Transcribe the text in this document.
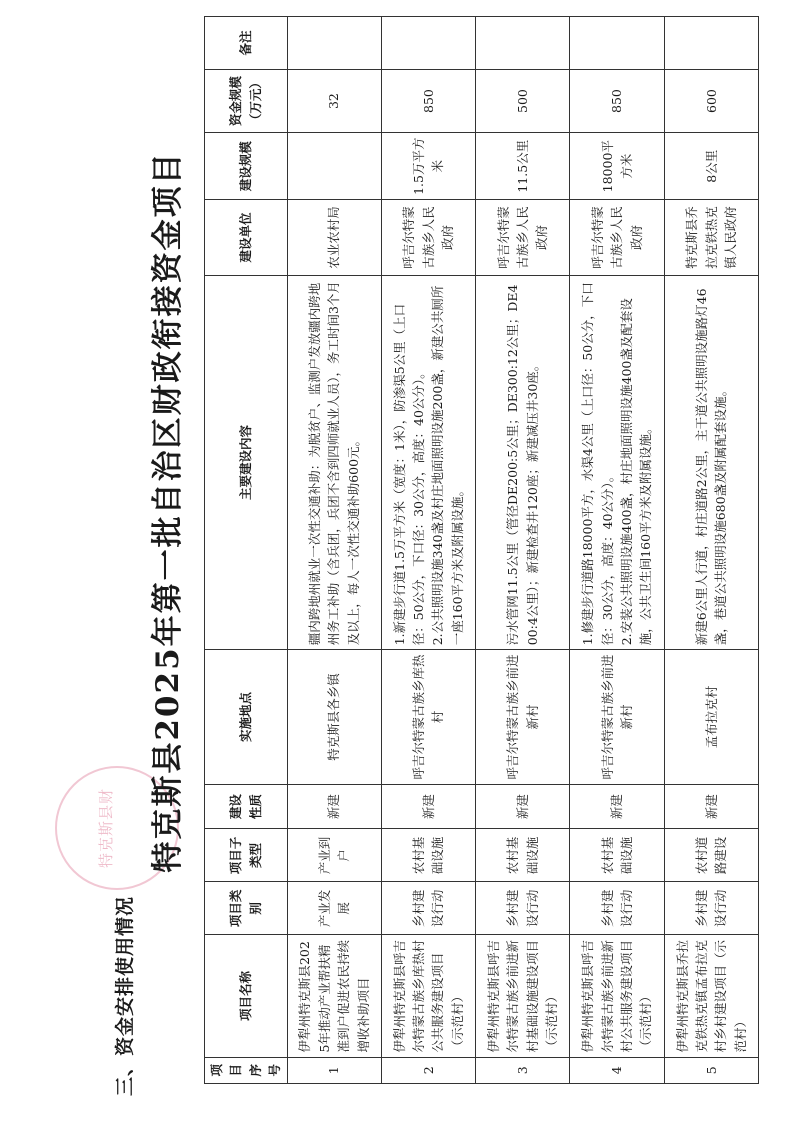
特克斯县财
三、资金安排使用情况
特克斯县2025年第一批自治区财政衔接资金项目
项目序号	项目名称	项目类别	项目子类型	建设性质	实施地点	主要建设内容	建设单位	建设规模	资金规模（万元）	备注
1	伊犁州特克斯县2025年推动产业帮扶精准到户促进农民持续增收补助项目	产业发展	产业到户	新建	特克斯县各乡镇	疆内跨地州就业一次性交通补助：为脱贫户、监测户发放疆内跨地州务工补助（含兵团，兵团不含到四师就业人员），务工时间3个月及以上，每人一次性交通补助600元。	农业农村局		32	
2	伊犁州特克斯县呼吉尔特蒙古族乡库热村公共服务建设项目（示范村）	乡村建设行动	农村基础设施	新建	呼吉尔特蒙古族乡库热村	1.新建步行道1.5万平方米（宽度：1米），防渗渠5公里（上口径：50公分，下口径：30公分，高度：40公分）。
2.公共照明设施340盏及村庄地面照明设施200盏，新建公共厕所一座160平方米及附属设施。	呼吉尔特蒙古族乡人民政府	1.5万平方米	850	
3	伊犁州特克斯县呼吉尔特蒙古族乡前进新村基础设施建设项目（示范村）	乡村建设行动	农村基础设施	新建	呼吉尔特蒙古族乡前进新村	污水管网11.5公里（管径DE200:5公里；DE300:12公里；DE400:4公里）；新建检查井120座；新建减压井30座。	呼吉尔特蒙古族乡人民政府	11.5公里	500	
4	伊犁州特克斯县呼吉尔特蒙古族乡前进新村公共服务建设项目（示范村）	乡村建设行动	农村基础设施	新建	呼吉尔特蒙古族乡前进新村	1.修建步行道路18000平方，水渠4公里（上口径：50公分，下口径：30公分，高度：40公分）。
2.安装公共照明设施400盏，村庄地面照明设施400盏及配套设施，公共卫生间160平方米及附属设施。	呼吉尔特蒙古族乡人民政府	18000平方米	850	
5	伊犁州特克斯县乔拉克铁热克镇孟布拉克村乡村建设项目（示范村）	乡村建设行动	农村道路建设	新建	孟布拉克村	新建6公里人行道，村庄道路2公里，主干道公共照明设施路灯46盏，巷道公共照明设施680盏及附属配套设施。	特克斯县乔拉克铁热克镇人民政府	8公里	600	
